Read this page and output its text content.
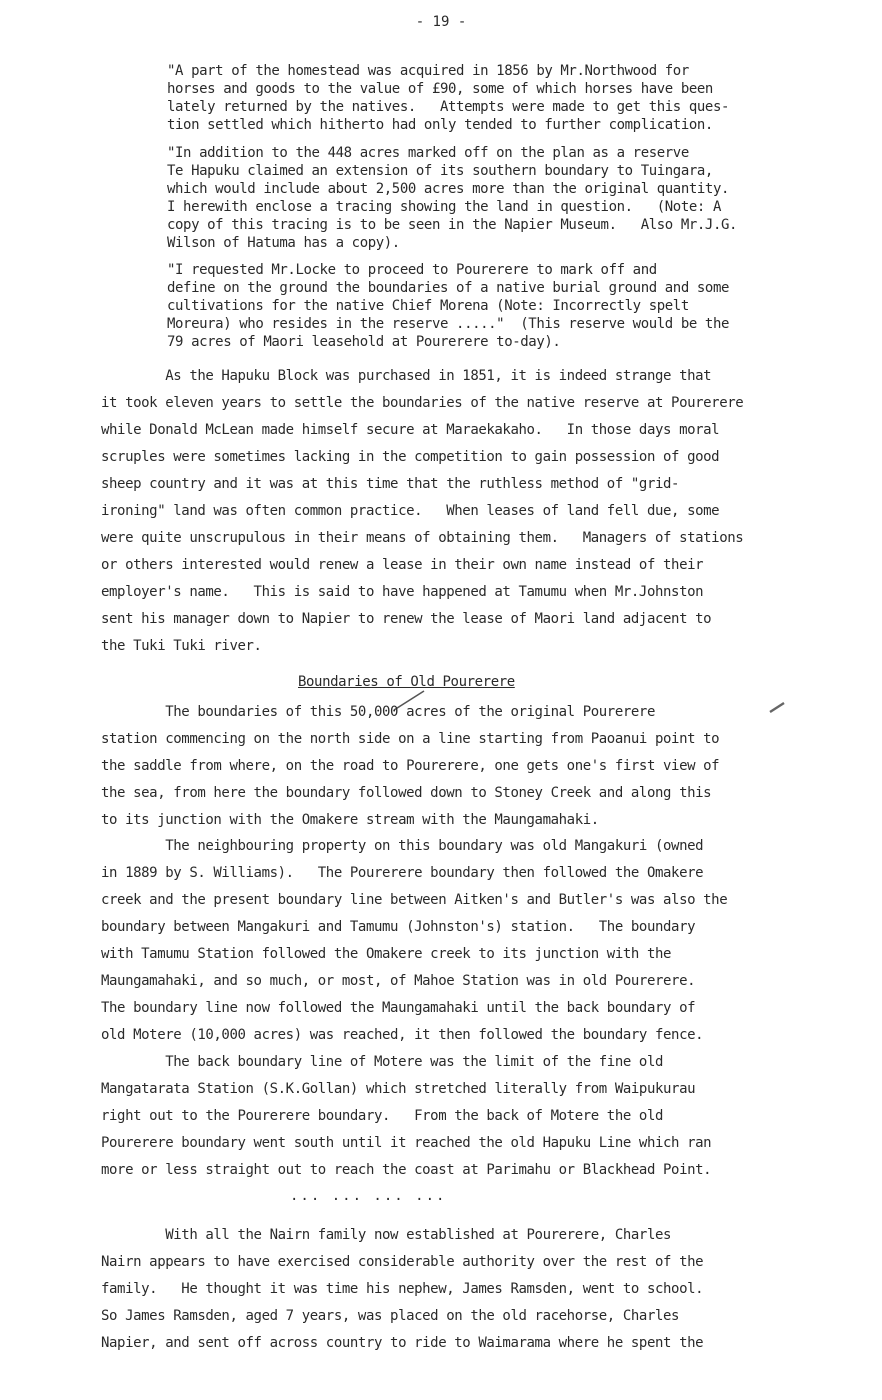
- 19 -

"A part of the homestead was acquired in 1856 by Mr.Northwood for

horses and goods to the value of £90, some of which horses have been

lately returned by the natives.   Attempts were made to get this ques-

tion settled which hitherto had only tended to further complication.

"In addition to the 448 acres marked off on the plan as a reserve

Te Hapuku claimed an extension of its southern boundary to Tuingara,

which would include about 2,500 acres more than the original quantity.

I herewith enclose a tracing showing the land in question.   (Note: A

copy of this tracing is to be seen in the Napier Museum.   Also Mr.J.G.

Wilson of Hatuma has a copy).

"I requested Mr.Locke to proceed to Pourerere to mark off and

define on the ground the boundaries of a native burial ground and some

cultivations for the native Chief Morena (Note: Incorrectly spelt

Moreura) who resides in the reserve ....."  (This reserve would be the

79 acres of Maori leasehold at Pourerere to-day).

As the Hapuku Block was purchased in 1851, it is indeed strange that

it took eleven years to settle the boundaries of the native reserve at Pourerere

while Donald McLean made himself secure at Maraekakaho.   In those days moral

scruples were sometimes lacking in the competition to gain possession of good

sheep country and it was at this time that the ruthless method of "grid-

ironing" land was often common practice.   When leases of land fell due, some

were quite unscrupulous in their means of obtaining them.   Managers of stations

or others interested would renew a lease in their own name instead of their

employer's name.   This is said to have happened at Tamumu when Mr.Johnston

sent his manager down to Napier to renew the lease of Maori land adjacent to

the Tuki Tuki river.

Boundaries of Old Pourerere

The boundaries of this 50,000 acres of the original Pourerere

station commencing on the north side on a line starting from Paoanui point to

the saddle from where, on the road to Pourerere, one gets one's first view of

the sea, from here the boundary followed down to Stoney Creek and along this

to its junction with the Omakere stream with the Maungamahaki.

The neighbouring property on this boundary was old Mangakuri (owned

in 1889 by S. Williams).   The Pourerere boundary then followed the Omakere

creek and the present boundary line between Aitken's and Butler's was also the

boundary between Mangakuri and Tamumu (Johnston's) station.   The boundary

with Tamumu Station followed the Omakere creek to its junction with the

Maungamahaki, and so much, or most, of Mahoe Station was in old Pourerere.

The boundary line now followed the Maungamahaki until the back boundary of

old Motere (10,000 acres) was reached, it then followed the boundary fence.

The back boundary line of Motere was the limit of the fine old

Mangatarata Station (S.K.Gollan) which stretched literally from Waipukurau

right out to the Pourerere boundary.   From the back of Motere the old

Pourerere boundary went south until it reached the old Hapuku Line which ran

more or less straight out to reach the coast at Parimahu or Blackhead Point.

... ... ... ...

With all the Nairn family now established at Pourerere, Charles

Nairn appears to have exercised considerable authority over the rest of the

family.   He thought it was time his nephew, James Ramsden, went to school.

So James Ramsden, aged 7 years, was placed on the old racehorse, Charles

Napier, and sent off across country to ride to Waimarama where he spent the
